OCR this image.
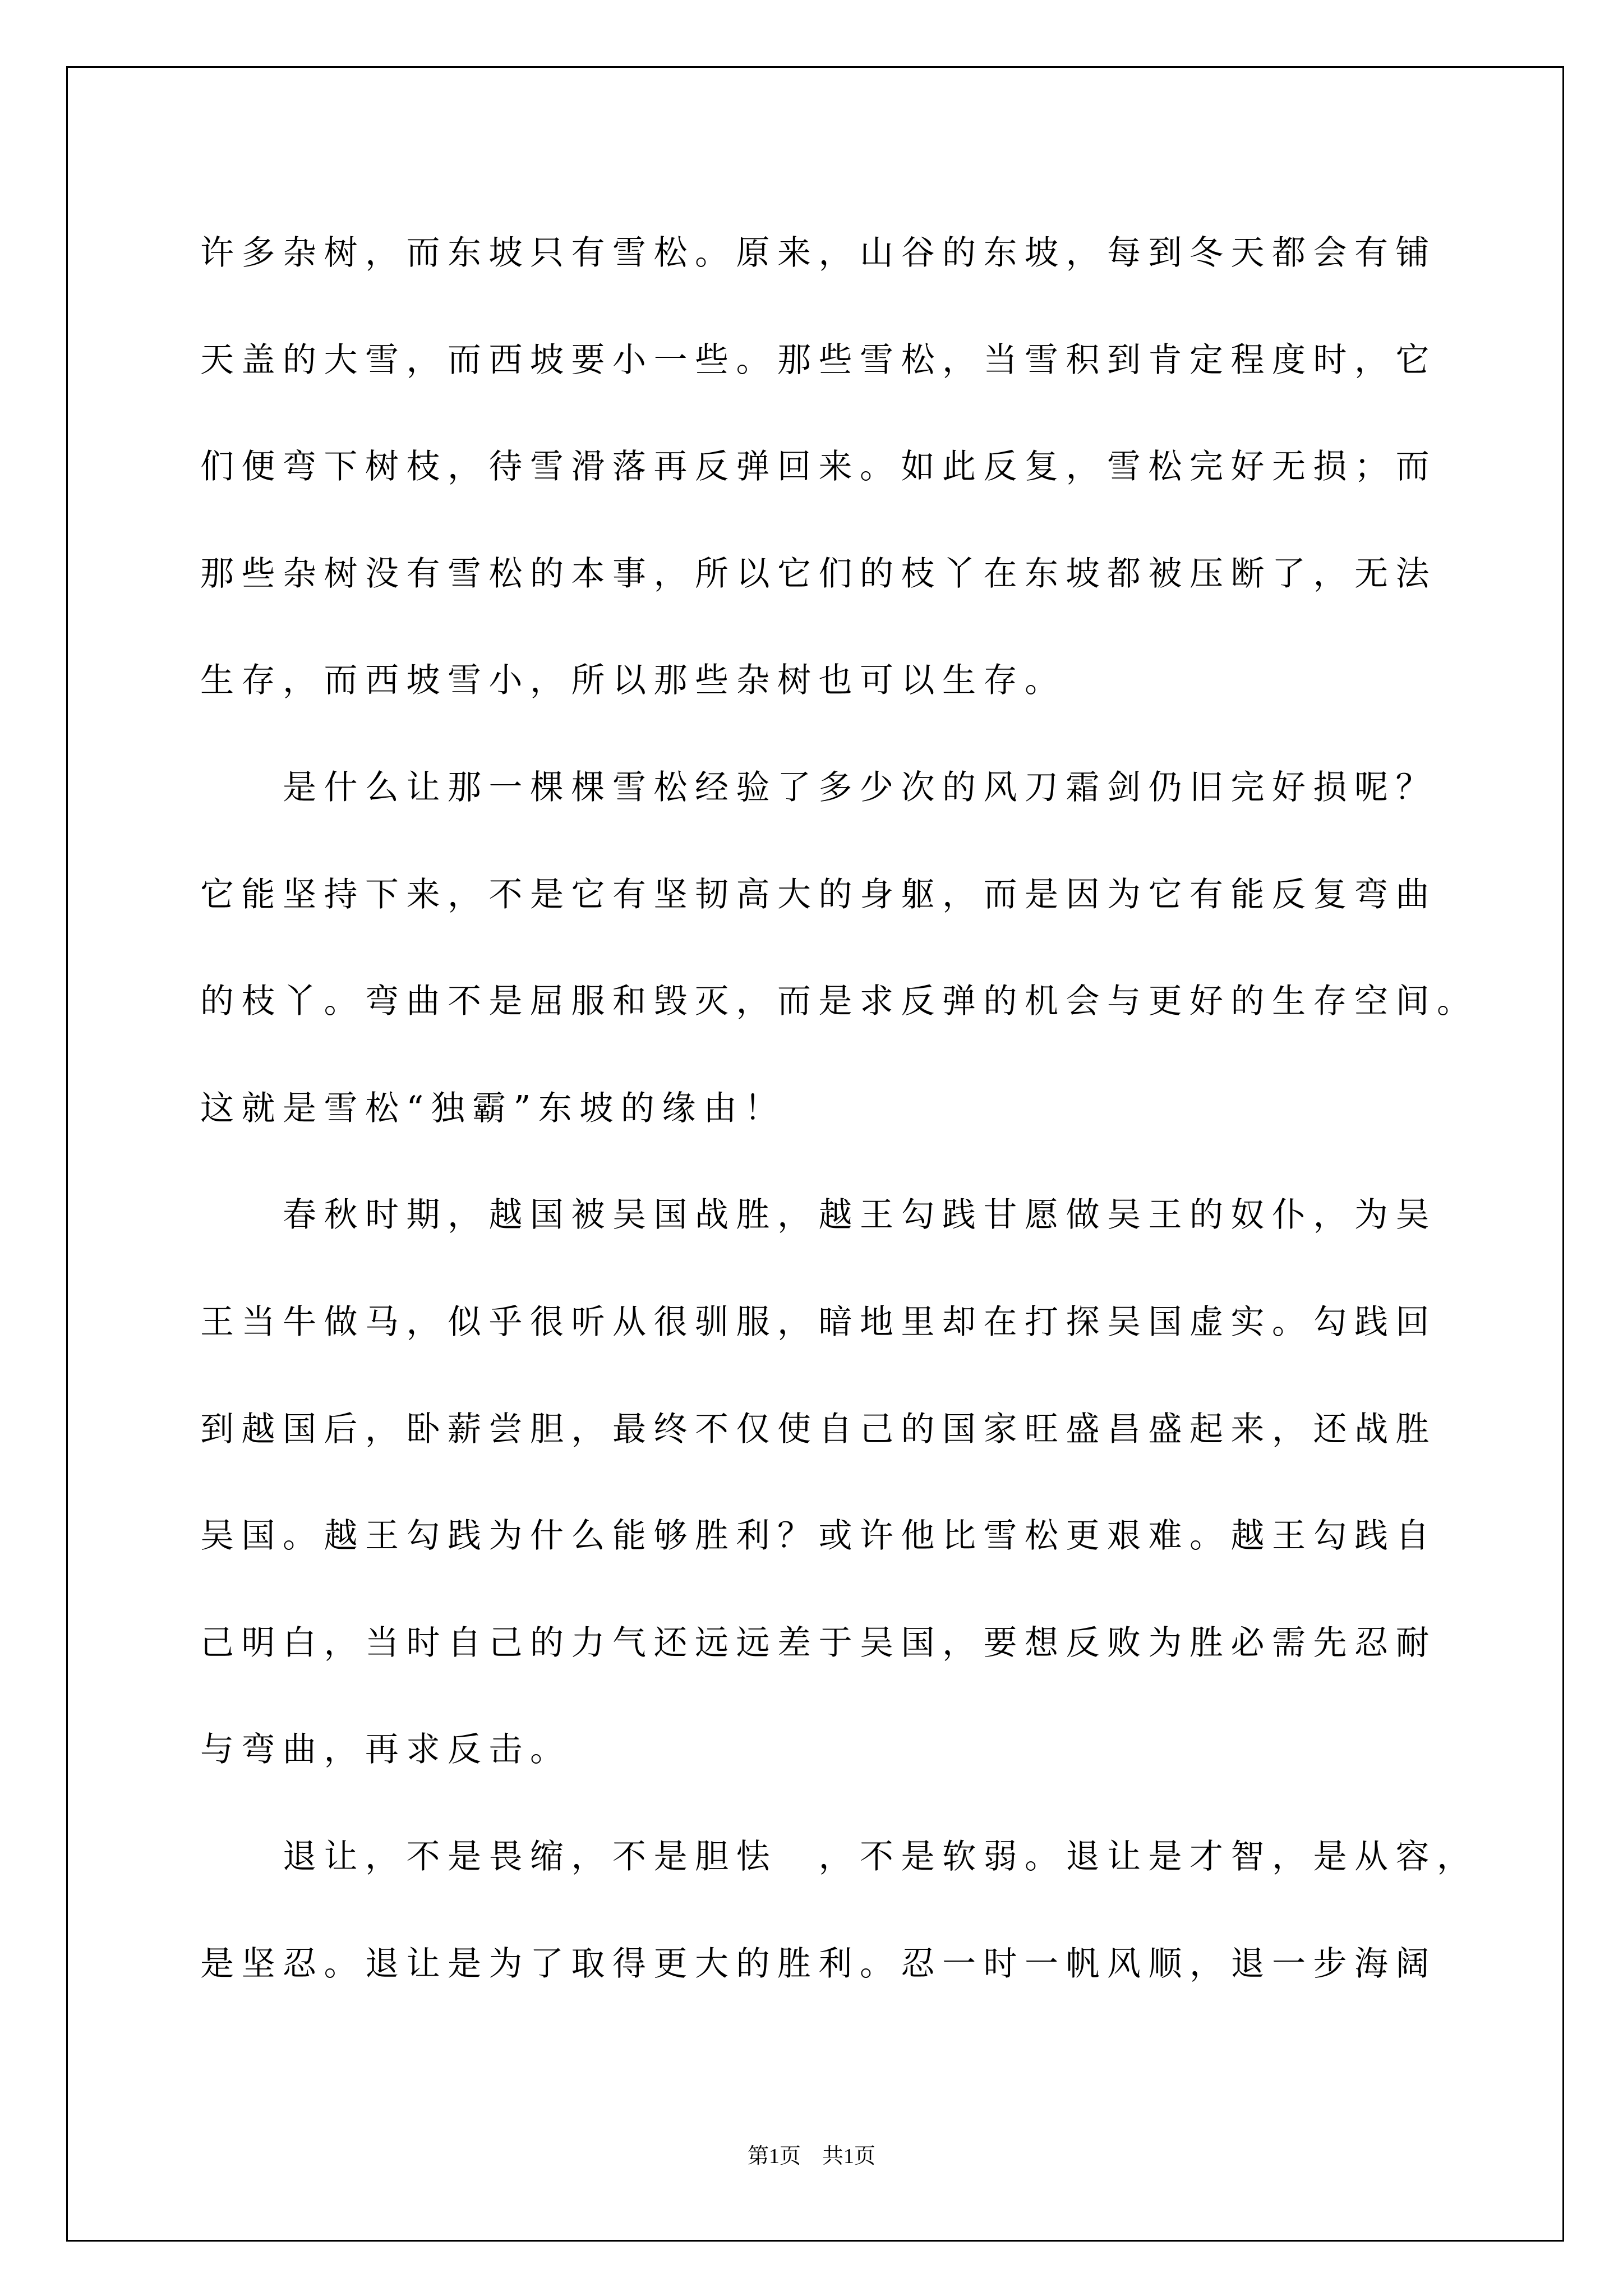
许多杂树，而东坡只有雪松。原来，山谷的东坡，每到冬天都会有铺
天盖的大雪，而西坡要小一些。那些雪松，当雪积到肯定程度时，它
们便弯下树枝，待雪滑落再反弹回来。如此反复，雪松完好无损；而
那些杂树没有雪松的本事，所以它们的枝丫在东坡都被压断了，无法
生存，而西坡雪小，所以那些杂树也可以生存。
　　是什么让那一棵棵雪松经验了多少次的风刀霜剑仍旧完好损呢？
它能坚持下来，不是它有坚韧高大的身躯，而是因为它有能反复弯曲
的枝丫。弯曲不是屈服和毁灭，而是求反弹的机会与更好的生存空间。
这就是雪松“独霸”东坡的缘由！
　　春秋时期，越国被吴国战胜，越王勾践甘愿做吴王的奴仆，为吴
王当牛做马，似乎很听从很驯服，暗地里却在打探吴国虚实。勾践回
到越国后，卧薪尝胆，最终不仅使自己的国家旺盛昌盛起来，还战胜
吴国。越王勾践为什么能够胜利？或许他比雪松更艰难。越王勾践自
己明白，当时自己的力气还远远差于吴国，要想反败为胜必需先忍耐
与弯曲，再求反击。
　　退让，不是畏缩，不是胆怯　，不是软弱。退让是才智，是从容，
是坚忍。退让是为了取得更大的胜利。忍一时一帆风顺，退一步海阔
第1页　共1页
